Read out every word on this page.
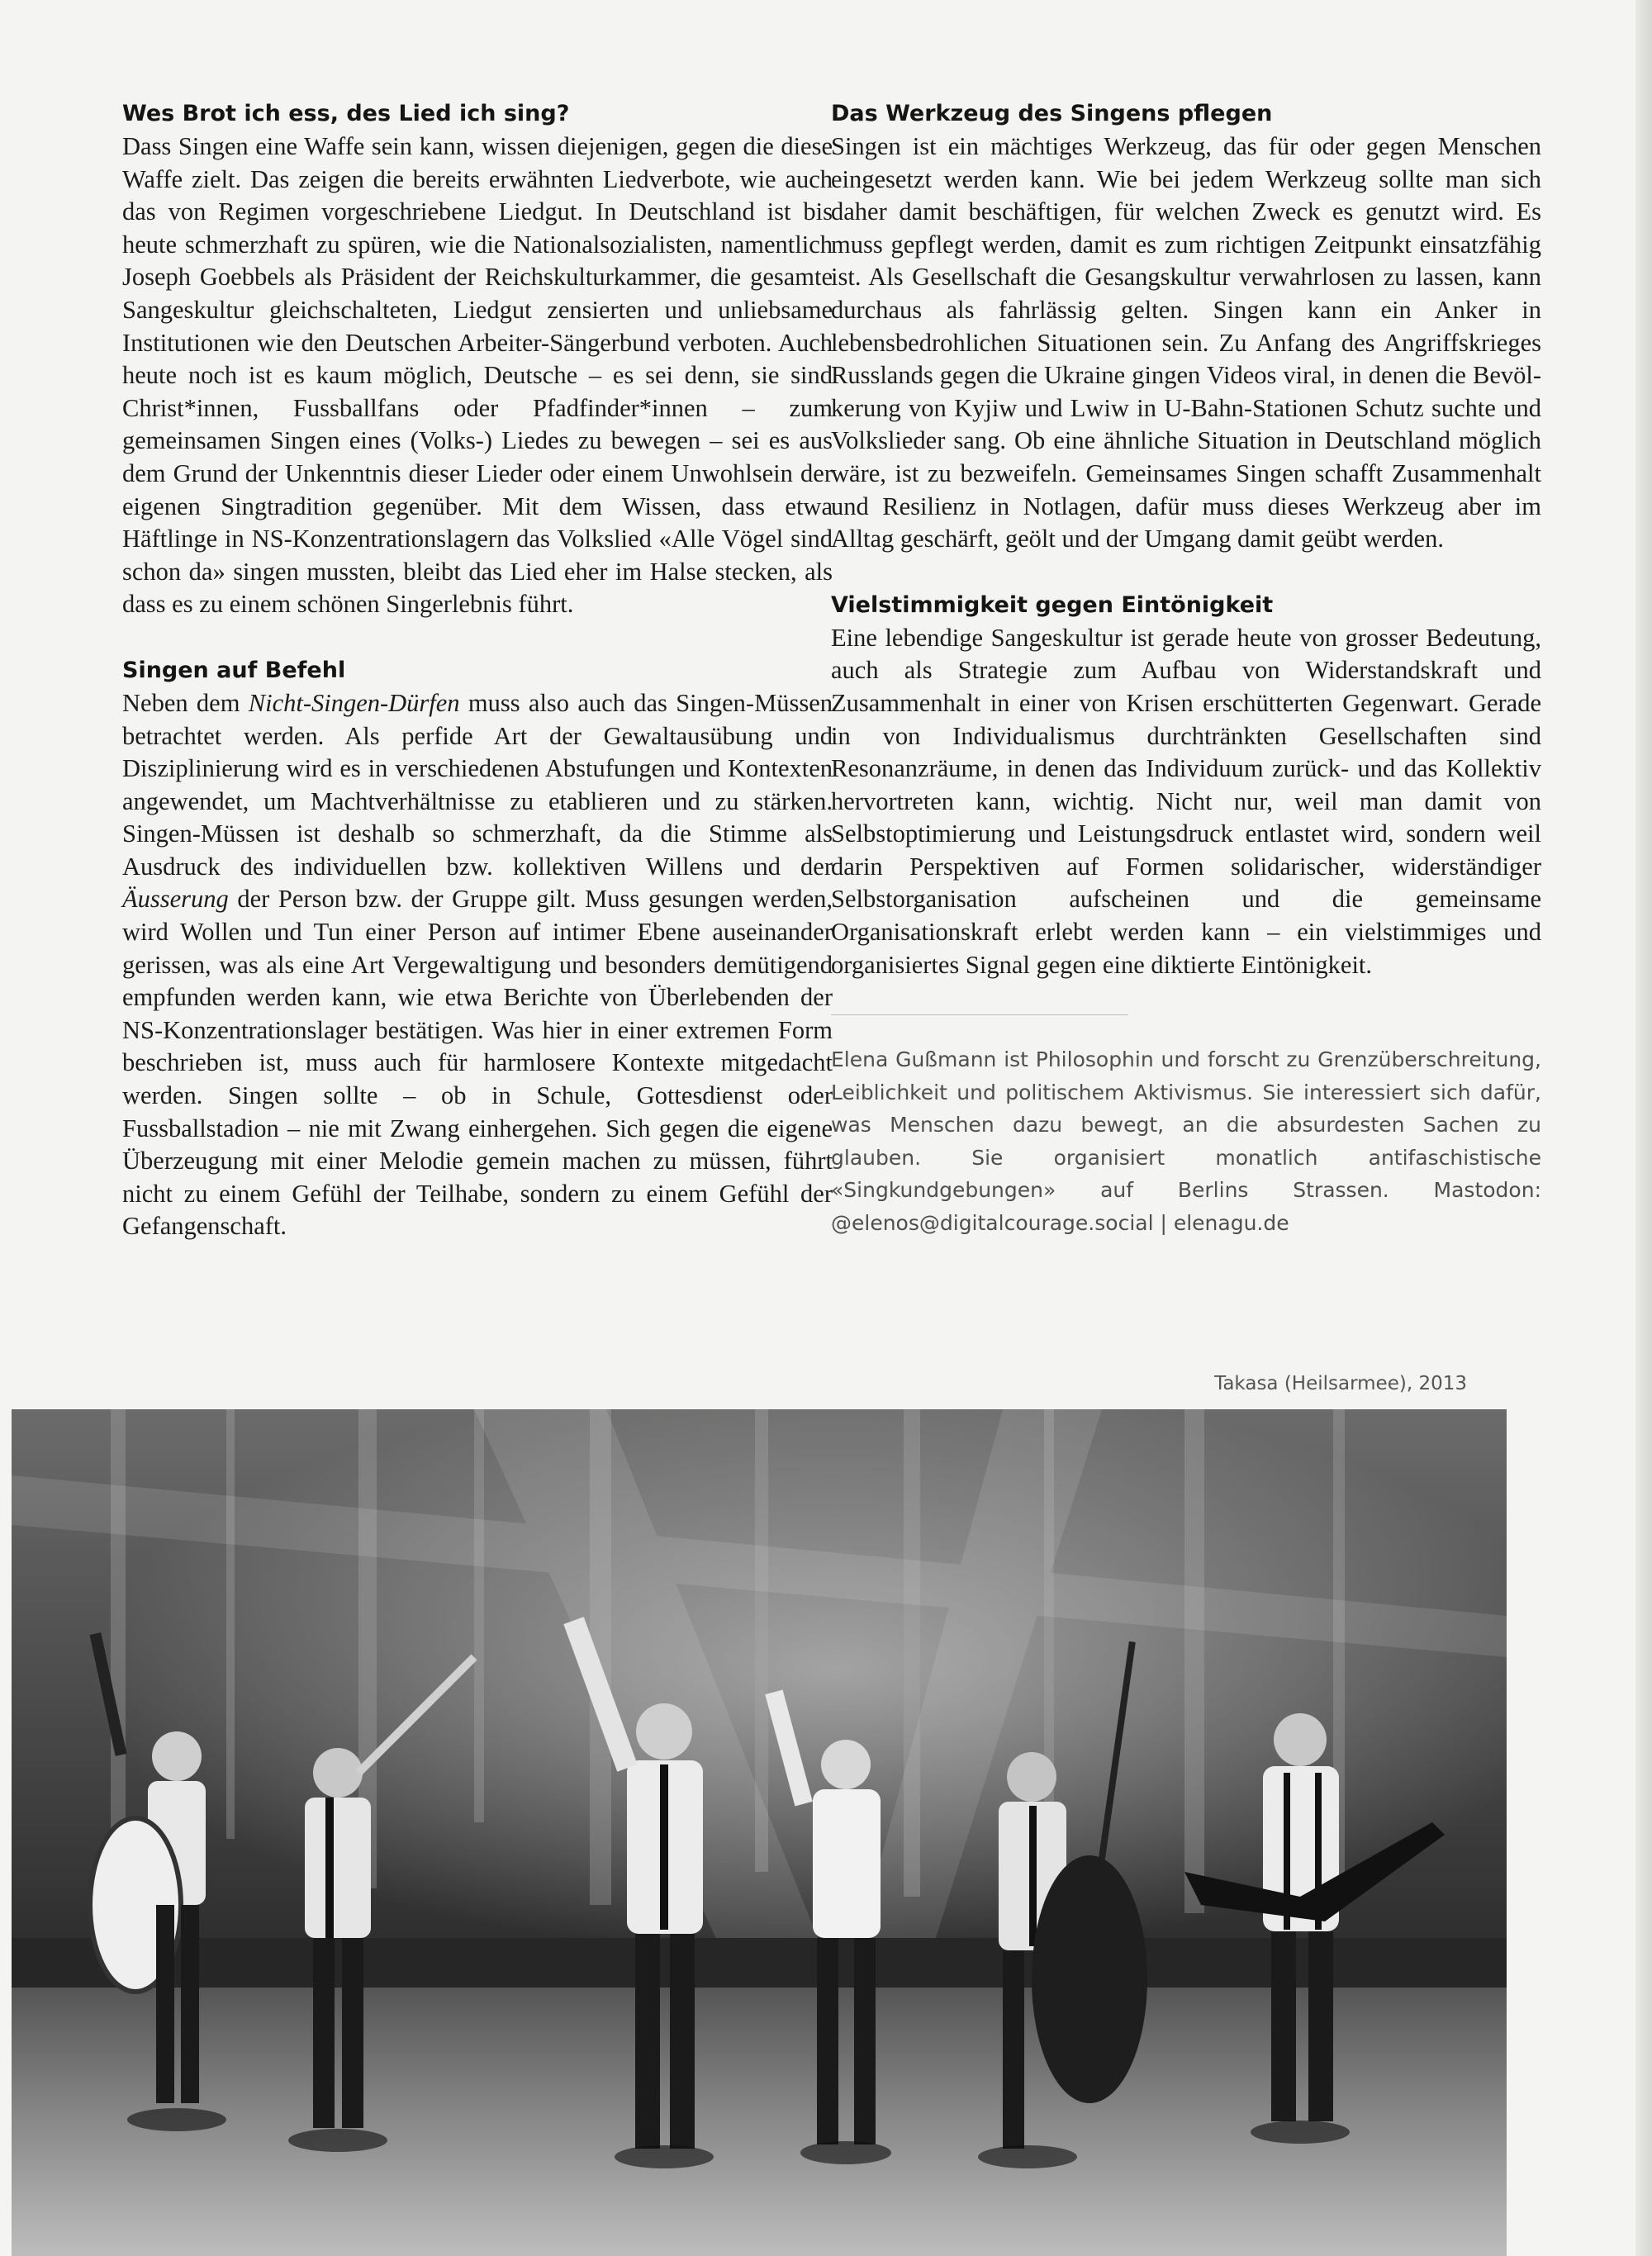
Wes Brot ich ess, des Lied ich sing?

Dass Singen eine Waffe sein kann, wissen diejenigen, gegen die diese Waffe zielt. Das zeigen die bereits erwähnten Liedverbote, wie auch das von Regimen vorgeschriebene Liedgut. In Deutschland ist bis heute schmerzhaft zu spüren, wie die Nationalsozialisten, namentlich Joseph Goebbels als Präsident der Reichskulturkammer, die gesamte Sangeskultur gleichschalteten, Liedgut zensierten und unliebsame Institutionen wie den Deutschen Arbeiter-Sängerbund verboten. Auch heute noch ist es kaum möglich, Deutsche – es sei denn, sie sind Christ*innen, Fussballfans oder Pfadfinder*innen – zum gemeinsamen Singen eines (Volks-) Liedes zu bewegen – sei es aus dem Grund der Unkenntnis dieser Lieder oder einem Unwohlsein der eigenen Singtradition gegenüber. Mit dem Wissen, dass etwa Häftlinge in NS-Konzentrationslagern das Volkslied «Alle Vögel sind schon da» singen mussten, bleibt das Lied eher im Halse stecken, als dass es zu einem schönen Singerlebnis führt.

Singen auf Befehl

Neben dem Nicht-Singen-Dürfen muss also auch das Singen-Müssen betrachtet werden. Als perfide Art der Gewaltausübung und Disziplinierung wird es in verschiedenen Abstufungen und Kontexten angewendet, um Machtverhältnisse zu etablieren und zu stärken. Singen-Müssen ist deshalb so schmerzhaft, da die Stimme als Ausdruck des individuellen bzw. kollektiven Willens und der Äusserung der Person bzw. der Gruppe gilt. Muss gesungen werden, wird Wollen und Tun einer Person auf intimer Ebene auseinander gerissen, was als eine Art Vergewaltigung und besonders demütigend empfunden werden kann, wie etwa Berichte von Überlebenden der NS-Konzentrationslager bestätigen. Was hier in einer extremen Form beschrieben ist, muss auch für harmlosere Kontexte mitgedacht werden. Singen sollte – ob in Schule, Gottesdienst oder Fussballstadion – nie mit Zwang einhergehen. Sich gegen die eigene Überzeugung mit einer Melodie gemein machen zu müssen, führt nicht zu einem Gefühl der Teilhabe, sondern zu einem Gefühl der Gefangenschaft.

Das Werkzeug des Singens pflegen

Singen ist ein mächtiges Werkzeug, das für oder gegen Menschen eingesetzt werden kann. Wie bei jedem Werkzeug sollte man sich daher damit beschäftigen, für welchen Zweck es genutzt wird. Es muss gepflegt werden, damit es zum richtigen Zeitpunkt einsatzfähig ist. Als Gesellschaft die Gesangskultur verwahrlosen zu lassen, kann durchaus als fahrlässig gelten. Singen kann ein Anker in lebensbedrohlichen Situationen sein. Zu Anfang des Angriffskrieges Russlands gegen die Ukraine gingen Videos viral, in denen die Bevölkerung von Kyjiw und Lwiw in U-Bahn-Stationen Schutz suchte und Volkslieder sang. Ob eine ähnliche Situation in Deutschland möglich wäre, ist zu bezweifeln. Gemeinsames Singen schafft Zusammenhalt und Resilienz in Notlagen, dafür muss dieses Werkzeug aber im Alltag geschärft, geölt und der Umgang damit geübt werden.

Vielstimmigkeit gegen Eintönigkeit

Eine lebendige Sangeskultur ist gerade heute von grosser Bedeutung, auch als Strategie zum Aufbau von Widerstandskraft und Zusammenhalt in einer von Krisen erschütterten Gegenwart. Gerade in von Individualismus durchtränkten Gesellschaften sind Resonanzräume, in denen das Individuum zurück- und das Kollektiv hervortreten kann, wichtig. Nicht nur, weil man damit von Selbstoptimierung und Leistungsdruck entlastet wird, sondern weil darin Perspektiven auf Formen solidarischer, widerständiger Selbstorganisation aufscheinen und die gemeinsame Organisationskraft erlebt werden kann – ein vielstimmiges und organisiertes Signal gegen eine diktierte Eintönigkeit.

Elena Gußmann ist Philosophin und forscht zu Grenzüberschreitung, Leiblichkeit und politischem Aktivismus. Sie interessiert sich dafür, was Menschen dazu bewegt, an die absurdesten Sachen zu glauben. Sie organisiert monatlich antifaschistische «Singkundgebungen» auf Berlins Strassen. Mastodon: @elenos@digitalcourage.social | elenagu.de

Takasa (Heilsarmee), 2013
